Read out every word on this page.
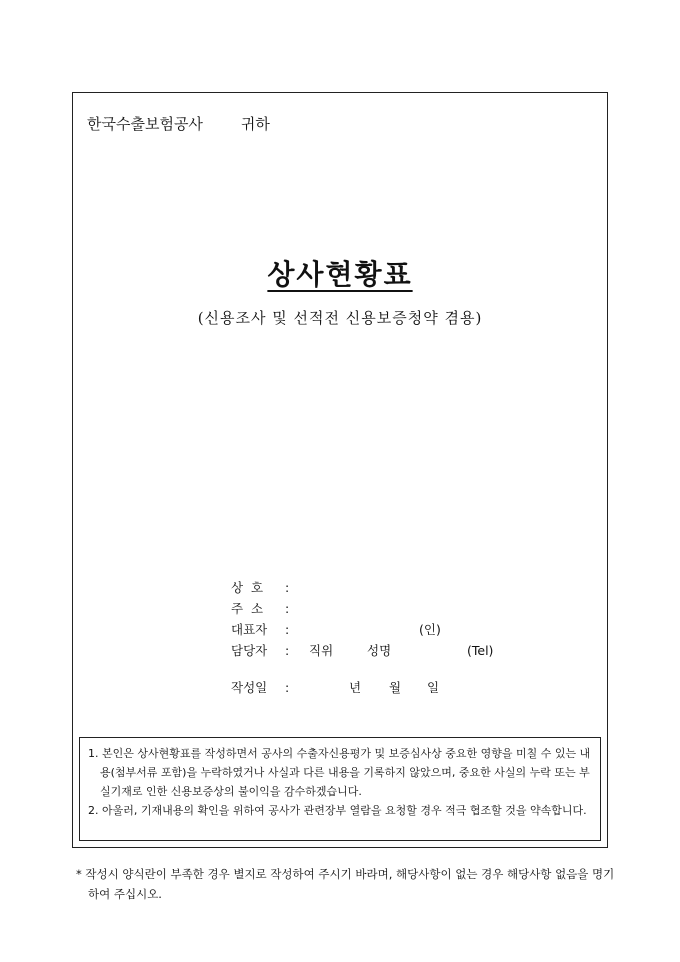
한국수출보험공사	귀하
상사현황표
(신용조사 및 선적전 신용보증청약 겸용)
상  호 :
주  소 :
대표자 :	(인)
담당자 : 직위	성명	(Tel)
작성일 :	년 월 일

1. 본인은 상사현황표를 작성하면서 공사의 수출자신용평가 및 보증심사상 중요한 영향을 미칠 수 있는 내용(첨부서류 포함)을 누락하였거나 사실과 다른 내용을 기록하지 않았으며, 중요한 사실의 누락 또는 부실기재로 인한 신용보증상의 불이익을 감수하겠습니다.

2. 아울러, 기재내용의 확인을 위하여 공사가 관련장부 열람을 요청할 경우 적극 협조할 것을 약속합니다.

* 작성시 양식란이 부족한 경우 별지로 작성하여 주시기 바라며, 해당사항이 없는 경우 해당사항 없음을 명기하여 주십시오.
